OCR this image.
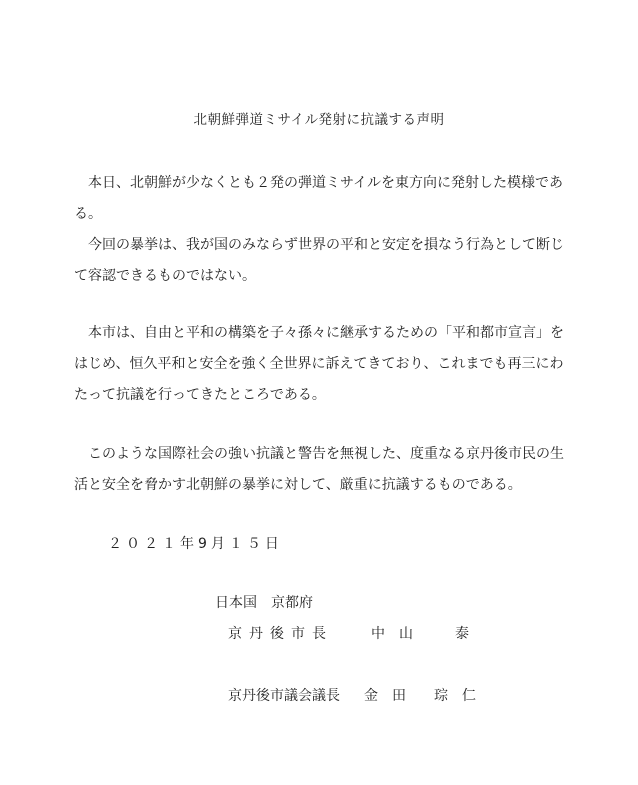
北朝鮮弾道ミサイル発射に抗議する声明
　本日、北朝鮮が少なくとも２発の弾道ミサイルを東方向に発射した模様であ
る。
　今回の暴挙は、我が国のみならず世界の平和と安定を損なう行為として断じ
て容認できるものではない。
　本市は、自由と平和の構築を子々孫々に継承するための「平和都市宣言」を
はじめ、恒久平和と安全を強く全世界に訴えてきており、これまでも再三にわ
たって抗議を行ってきたところである。
　このような国際社会の強い抗議と警告を無視した、度重なる京丹後市民の生
活と安全を脅かす北朝鮮の暴挙に対して、厳重に抗議するものである。
２０２１年9月１５日
日本国　京都府
京丹後市長	中　山　　　泰
京丹後市議会議長 金　田　　琮　仁
